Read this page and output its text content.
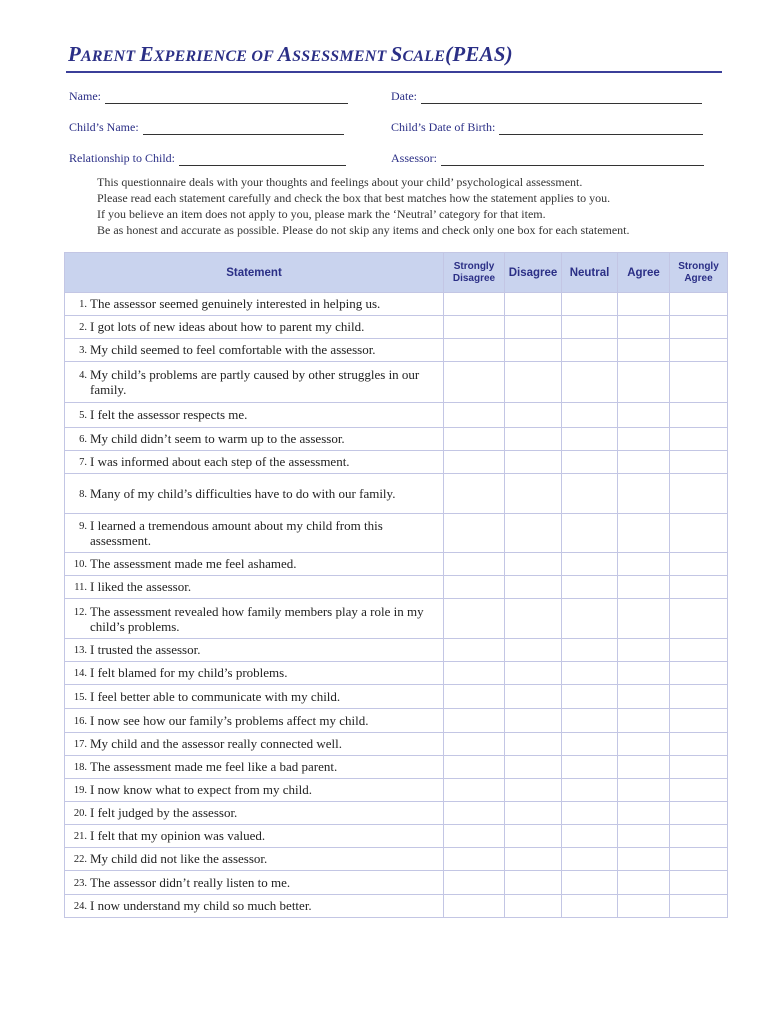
PARENT EXPERIENCE OF ASSESSMENT SCALE(PEAS)
Name:	Date:
Child’s Name:	Child’s Date of Birth:
Relationship to Child:	Assessor:
This questionnaire deals with your thoughts and feelings about your child’ psychological assessment.
Please read each statement carefully and check the box that best matches how the statement applies to you.
If you believe an item does not apply to you, please mark the ‘Neutral’ category for that item.
Be as honest and accurate as possible. Please do not skip any items and check only one box for each statement.
Statement	Strongly Disagree	Disagree	Neutral	Agree	Strongly Agree

1. The assessor seemed genuinely interested in helping us.					

2. I got lots of new ideas about how to parent my child.					

3. My child seemed to feel comfortable with the assessor.					

4. My child’s problems are partly caused by other struggles in our family.					

5. I felt the assessor respects me.					

6. My child didn’t seem to warm up to the assessor.					

7. I was informed about each step of the assessment.					

8. Many of my child’s difficulties have to do with our family.					

9. I learned a tremendous amount about my child from this assessment.					

10. The assessment made me feel ashamed.					

11. I liked the assessor.					

12. The assessment revealed how family members play a role in my child’s problems.					

13. I trusted the assessor.					

14. I felt blamed for my child’s problems.					

15. I feel better able to communicate with my child.					

16. I now see how our family’s problems affect my child.					

17. My child and the assessor really connected well.					

18. The assessment made me feel like a bad parent.					

19. I now know what to expect from my child.					

20. I felt judged by the assessor.					

21. I felt that my opinion was valued.					

22. My child did not like the assessor.					

23. The assessor didn’t really listen to me.					

24. I now understand my child so much better.					
